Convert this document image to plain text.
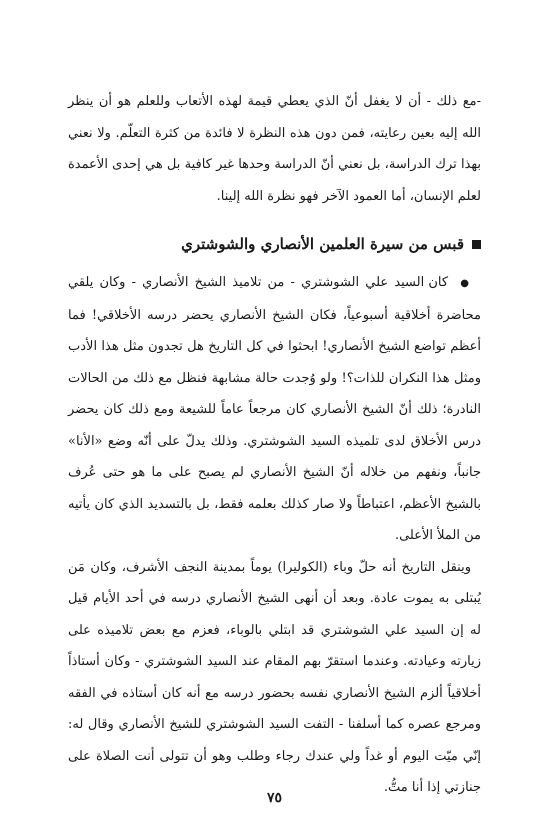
-مع ذلك - أن لا يغفل أنّ الذي يعطي قيمة لهذه الأتعاب وللعلم هو أن ينظر الله إليه بعين رعايته، فمن دون هذه النظرة لا فائدة من كثرة التعلّم. ولا نعني بهذا ترك الدراسة، بل نعني أنّ الدراسة وحدها غير كافية بل هي إحدى الأعمدة لعلم الإنسان، أما العمود الآخر فهو نظرة الله إلينا.
قبس من سيرة العلمين الأنصاري والشوشتري

● كان السيد علي الشوشتري - من تلاميذ الشيخ الأنصاري - وكان يلقي محاضرة أخلاقية أسبوعياً، فكان الشيخ الأنصاري يحضر درسه الأخلاقي! فما أعظم تواضع الشيخ الأنصاري! ابحثوا في كل التاريخ هل تجدون مثل هذا الأدب ومثل هذا النكران للذات؟! ولو وُجدت حالة مشابهة فنظل مع ذلك من الحالات النادرة؛ ذلك أنّ الشيخ الأنصاري كان مرجعاً عاماً للشيعة ومع ذلك كان يحضر درس الأخلاق لدى تلميذه السيد الشوشتري. وذلك يدلّ على أنّه وضع «الأنا» جانباً، ونفهم من خلاله أنّ الشيخ الأنصاري لم يصبح على ما هو حتى عُرف بالشيخ الأعظم، اعتباطاً ولا صار كذلك بعلمه فقط، بل بالتسديد الذي كان يأتيه من الملأ الأعلى.

وينقل التاريخ أنه حلّ وباء (الكوليرا) يوماً بمدينة النجف الأشرف، وكان مَن يُبتلى به يموت عادة. وبعد أن أنهى الشيخ الأنصاري درسه في أحد الأيام قيل له إن السيد علي الشوشتري قد ابتلي بالوباء، فعزم مع بعض تلاميذه على زيارته وعيادته. وعندما استقرّ بهم المقام عند السيد الشوشتري - وكان أستاذاً أخلاقياً ألزم الشيخ الأنصاري نفسه بحضور درسه مع أنه كان أستاذه في الفقه ومرجع عصره كما أسلفنا - التفت السيد الشوشتري للشيخ الأنصاري وقال له: إنّي ميّت اليوم أو غداً ولي عندك رجاء وطلب وهو أن تتولى أنت الصلاة على جنازتي إذا أنا متُّ.

٧٥
